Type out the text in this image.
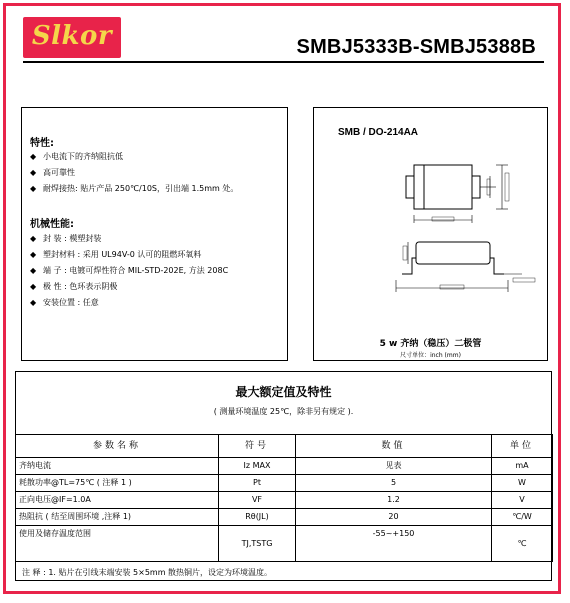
Slkor	SMBJ5333B-SMBJ5388B
特性:
◆ 小电流下的齐纳阻抗低
◆ 高可靠性
◆ 耐焊接热: 贴片产品 250℃/10S，引出端 1.5mm 处。
机械性能:
◆ 封 装 : 模塑封装
◆ 塑封材料 : 采用 UL94V-0 认可的阻燃环氧料
◆ 端 子 : 电镀可焊性符合 MIL-STD-202E, 方法 208C
◆ 极 性 : 色环表示阴极
◆ 安装位置 : 任意
SMB / DO-214AA
5 w 齐纳（稳压）二极管
尺寸单位：inch (mm)
最大额定值及特性
( 测量环境温度 25℃，除非另有规定 ).
参数名称	符号	数值	单位
齐纳电流	Iz MAX	见表	mA
耗散功率@TL=75℃ ( 注释 1 )	Pt	5	W
正向电压@IF=1.0A	VF	1.2	V
热阻抗 ( 结至周围环境 ,注释 1)	Rθ(JL)	20	℃/W
使用及储存温度范围	TJ,TSTG	-55~+150	℃
注 释 : 1. 贴片在引线末端安装 5×5mm 散热铜片，设定为环境温度。
